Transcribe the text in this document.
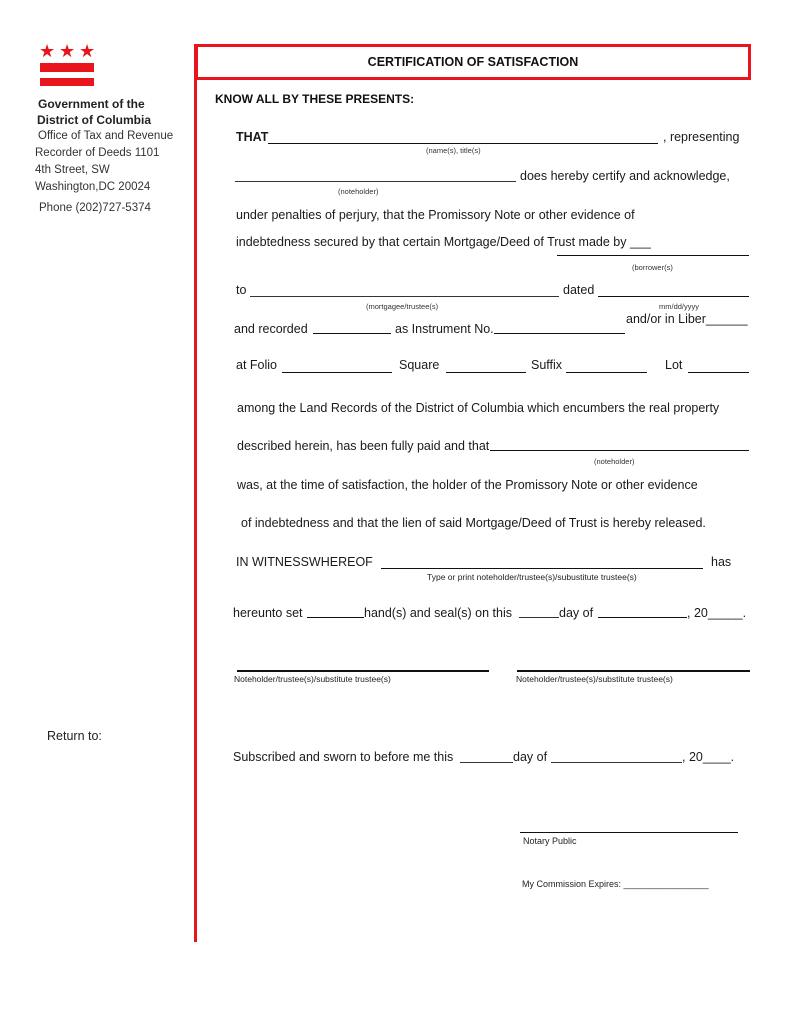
★ ★ ★
Government of the
District of Columbia
Office of Tax and Revenue
Recorder of Deeds 1101
4th Street, SW
Washington,DC 20024
Phone (202)727-5374
Return to:
CERTIFICATION OF SATISFACTION
KNOW ALL BY THESE PRESENTS:
THAT	, representing
(name(s), title(s)
does hereby certify and acknowledge,
(noteholder)
under penalties of perjury, that the Promissory Note or other evidence of
indebtedness secured by that certain Mortgage/Deed of Trust made by ___
(borrower(s)
to	dated
(mortgagee/trustee(s)	mm/dd/yyyy
and/or in Liber______
and recorded	as Instrument No.
at Folio	Square	Suffix	Lot
among the Land Records of the District of Columbia which encumbers the real property
described herein, has been fully paid and that
(noteholder)
was, at the time of satisfaction, the holder of the Promissory Note or other evidence
of indebtedness and that the lien of said Mortgage/Deed of Trust is hereby released.
IN WITNESSWHEREOF	has
Type or print noteholder/trustee(s)/subustitute trustee(s)
hereunto set	hand(s) and seal(s) on this	day of	, 20_____.
Noteholder/trustee(s)/substitute trustee(s)	Noteholder/trustee(s)/substitute trustee(s)
Subscribed and sworn to before me this	day of	, 20____.
Notary Public
My Commission Expires: _________________
